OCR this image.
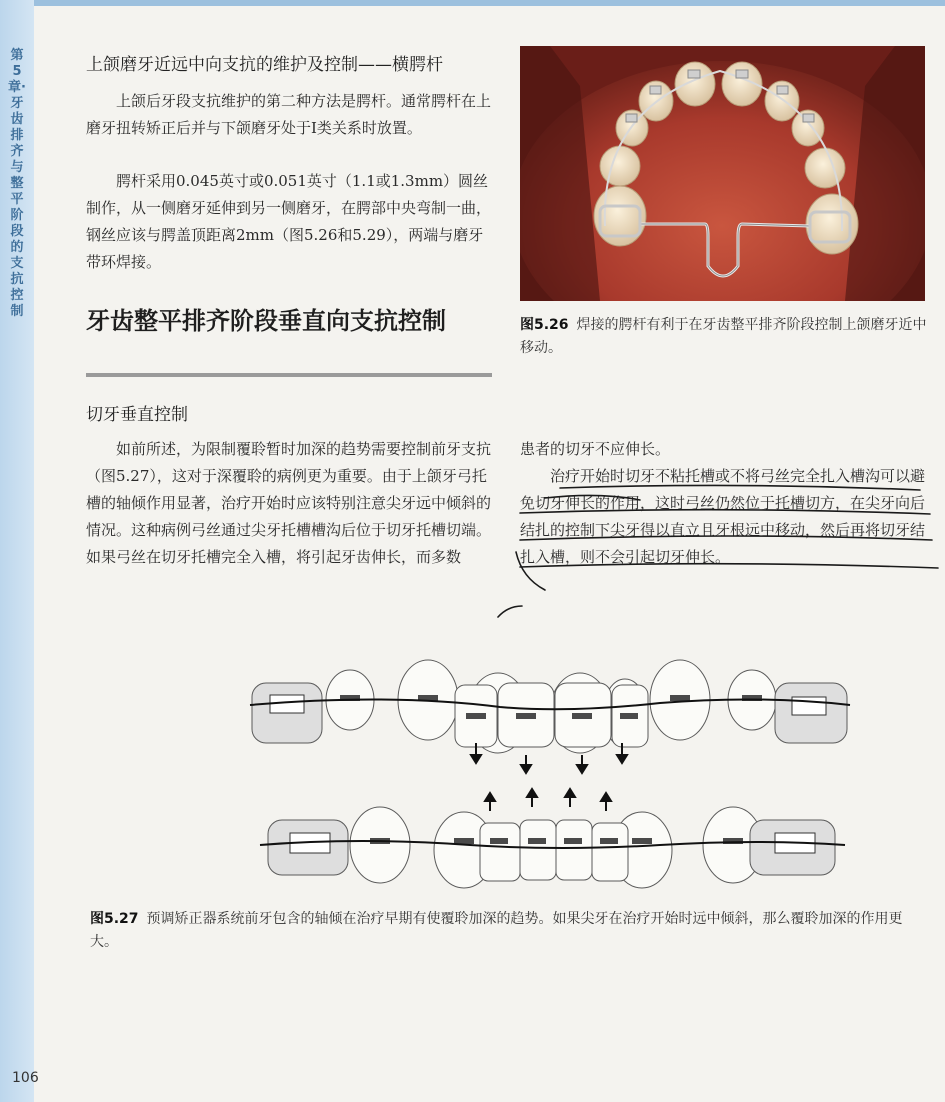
第5章·牙齿排齐与整平阶段的支抗控制
上颌磨牙近远中向支抗的维护及控制——横腭杆

上颌后牙段支抗维护的第二种方法是腭杆。通常腭杆在上磨牙扭转矫正后并与下颌磨牙处于Ⅰ类关系时放置。

腭杆采用0.045英寸或0.051英寸（1.1或1.3mm）圆丝制作，从一侧磨牙延伸到另一侧磨牙，在腭部中央弯制一曲，钢丝应该与腭盖顶距离2mm（图5.26和5.29），两端与磨牙带环焊接。

图5.26 焊接的腭杆有利于在牙齿整平排齐阶段控制上颌磨牙近中移动。
牙齿整平排齐阶段垂直向支抗控制
切牙垂直控制

如前所述，为限制覆聆暂时加深的趋势需要控制前牙支抗（图5.27），这对于深覆聆的病例更为重要。由于上颌牙弓托槽的轴倾作用显著，治疗开始时应该特别注意尖牙远中倾斜的情况。这种病例弓丝通过尖牙托槽槽沟后位于切牙托槽切端。如果弓丝在切牙托槽完全入槽，将引起牙齿伸长，而多数

患者的切牙不应伸长。

治疗开始时切牙不粘托槽或不将弓丝完全扎入槽沟可以避免切牙伸长的作用，这时弓丝仍然位于托槽切方，在尖牙向后结扎的控制下尖牙得以直立且牙根远中移动，然后再将切牙结扎入槽，则不会引起切牙伸长。

图5.27 预调矫正器系统前牙包含的轴倾在治疗早期有使覆聆加深的趋势。如果尖牙在治疗开始时远中倾斜，那么覆聆加深的作用更大。
106
